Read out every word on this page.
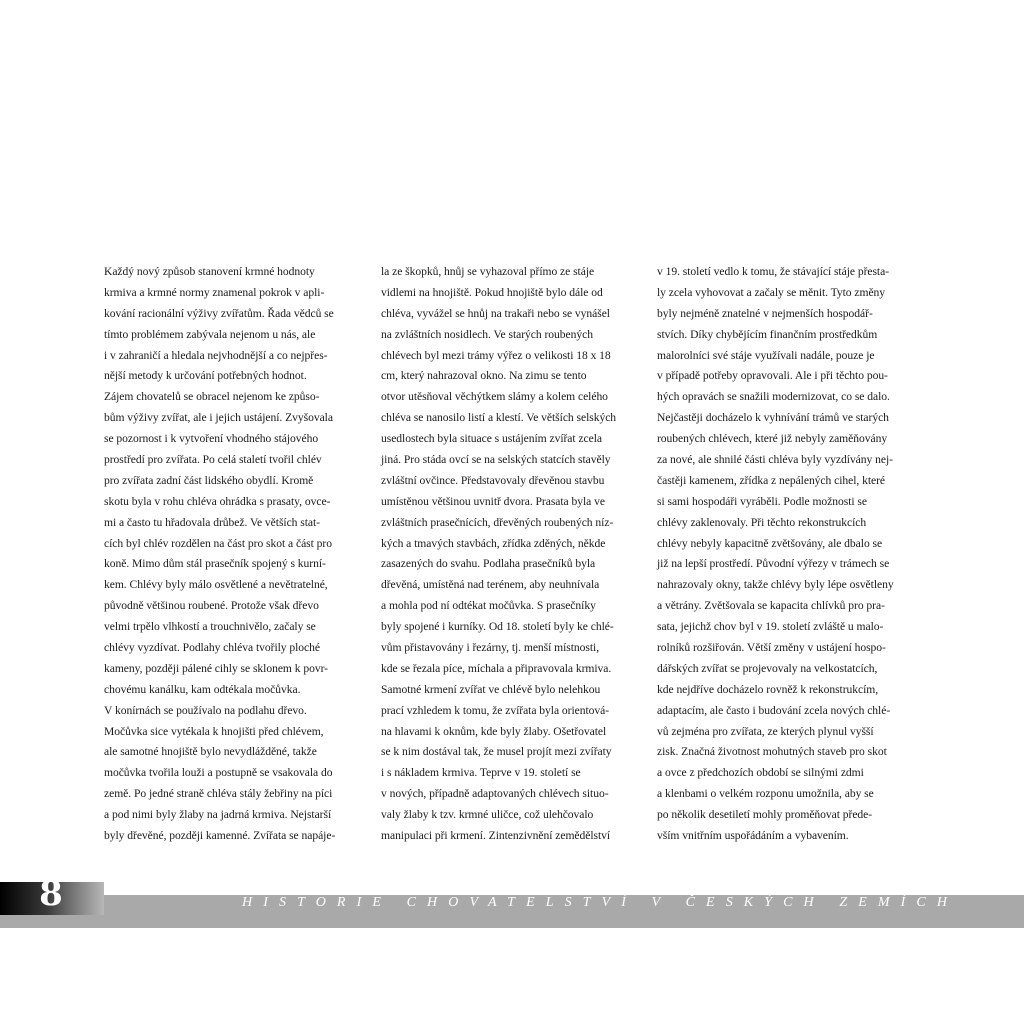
Každý nový způsob stanovení krmné hodnoty
krmiva a krmné normy znamenal pokrok v apli-
kování racionální výživy zvířatům. Řada vědců se
tímto problémem zabývala nejenom u nás, ale
i v zahraničí a hledala nejvhodnější a co nejpřes-
nější metody k určování potřebných hodnot.
Zájem chovatelů se obracel nejenom ke způso-
bům výživy zvířat, ale i jejich ustájení. Zvyšovala
se pozornost i k vytvoření vhodného stájového
prostředí pro zvířata. Po celá staletí tvořil chlév
pro zvířata zadní část lidského obydlí. Kromě
skotu byla v rohu chléva ohrádka s prasaty, ovce-
mi a často tu hřadovala drůbež. Ve větších stat-
cích byl chlév rozdělen na část pro skot a část pro
koně. Mimo dům stál prasečník spojený s kurní-
kem. Chlévy byly málo osvětlené a nevětratelné,
původně většinou roubené. Protože však dřevo
velmi trpělo vlhkostí a trouchnivělo, začaly se
chlévy vyzdívat. Podlahy chléva tvořily ploché
kameny, později pálené cihly se sklonem k povr-
chovému kanálku, kam odtékala močůvka.
V konírnách se používalo na podlahu dřevo.
Močůvka sice vytékala k hnojišti před chlévem,
ale samotné hnojiště bylo nevydlážděné, takže
močůvka tvořila louži a postupně se vsakovala do
země. Po jedné straně chléva stály žebřiny na píci
a pod nimi byly žlaby na jadrná krmiva. Nejstarší
byly dřevěné, později kamenné. Zvířata se napáje-
la ze škopků, hnůj se vyhazoval přímo ze stáje
vidlemi na hnojiště. Pokud hnojiště bylo dále od
chléva, vyvážel se hnůj na trakaři nebo se vynášel
na zvláštních nosidlech. Ve starých roubených
chlévech byl mezi trámy výřez o velikosti 18 x 18
cm, který nahrazoval okno. Na zimu se tento
otvor utěsňoval věchýtkem slámy a kolem celého
chléva se nanosilo listí a klestí. Ve větších selských
usedlostech byla situace s ustájením zvířat zcela
jiná. Pro stáda ovcí se na selských statcích stavěly
zvláštní ovčince. Představovaly dřevěnou stavbu
umístěnou většinou uvnitř dvora. Prasata byla ve
zvláštních prasečnících, dřevěných roubených níz-
kých a tmavých stavbách, zřídka zděných, někde
zasazených do svahu. Podlaha prasečníků byla
dřevěná, umístěná nad terénem, aby neuhnívala
a mohla pod ní odtékat močůvka. S prasečníky
byly spojené i kurníky. Od 18. století byly ke chlé-
vům přistavovány i řezárny, tj. menší místnosti,
kde se řezala píce, míchala a připravovala krmiva.
Samotné krmení zvířat ve chlévě bylo nelehkou
prací vzhledem k tomu, že zvířata byla orientová-
na hlavami k oknům, kde byly žlaby. Ošetřovatel
se k nim dostával tak, že musel projít mezi zvířaty
i s nákladem krmiva. Teprve v 19. století se
v nových, případně adaptovaných chlévech situo-
valy žlaby k tzv. krmné uličce, což ulehčovalo
manipulaci při krmení. Zintenzivnění zemědělství
v 19. století vedlo k tomu, že stávající stáje přesta-
ly zcela vyhovovat a začaly se měnit. Tyto změny
byly nejméně znatelné v nejmenších hospodář-
stvích. Díky chybějícím finančním prostředkům
malorolníci své stáje využívali nadále, pouze je
v případě potřeby opravovali. Ale i při těchto pou-
hých opravách se snažili modernizovat, co se dalo.
Nejčastěji docházelo k vyhnívání trámů ve starých
roubených chlévech, které již nebyly zaměňovány
za nové, ale shnilé části chléva byly vyzdívány nej-
častěji kamenem, zřídka z nepálených cihel, které
si sami hospodáři vyráběli. Podle možnosti se
chlévy zaklenovaly. Při těchto rekonstrukcích
chlévy nebyly kapacitně zvětšovány, ale dbalo se
již na lepší prostředí. Původní výřezy v trámech se
nahrazovaly okny, takže chlévy byly lépe osvětleny
a větrány. Zvětšovala se kapacita chlívků pro pra-
sata, jejichž chov byl v 19. století zvláště u malo-
rolníků rozšiřován. Větší změny v ustájení hospo-
dářských zvířat se projevovaly na velkostatcích,
kde nejdříve docházelo rovněž k rekonstrukcím,
adaptacím, ale často i budování zcela nových chlé-
vů zejména pro zvířata, ze kterých plynul vyšší
zisk. Značná životnost mohutných staveb pro skot
a ovce z předchozích období se silnými zdmi
a klenbami o velkém rozponu umožnila, aby se
po několik desetiletí mohly proměňovat přede-
vším vnitřním uspořádáním a vybavením.
8	HISTORIE CHOVATELSTVÍ V ČESKÝCH ZEMÍCH
